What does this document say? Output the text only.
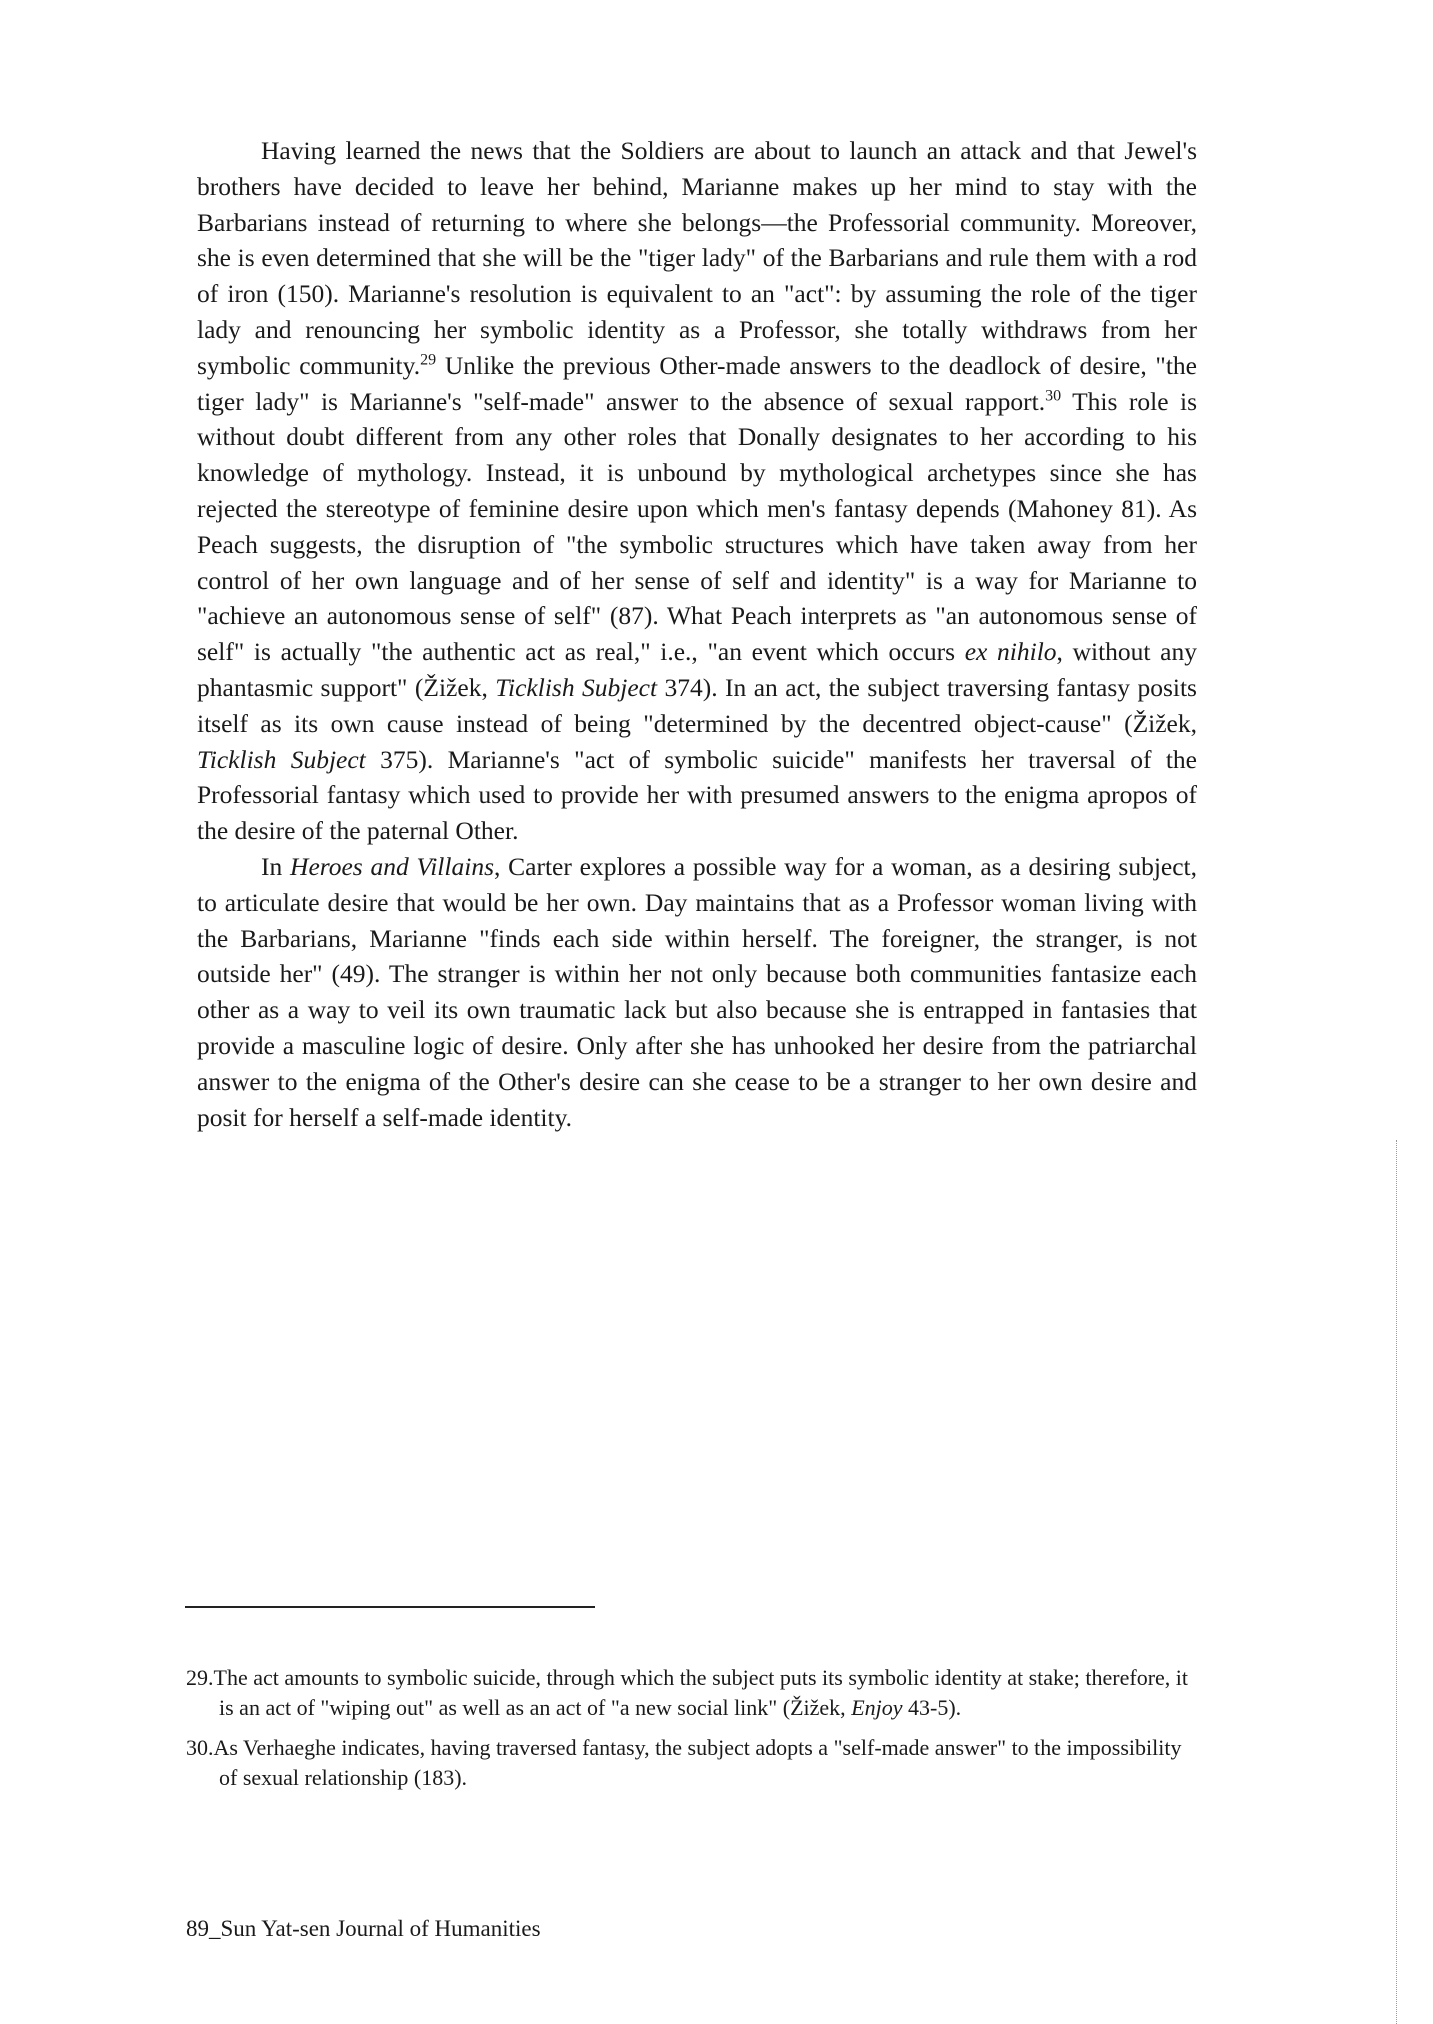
Having learned the news that the Soldiers are about to launch an attack and that Jewel's brothers have decided to leave her behind, Marianne makes up her mind to stay with the Barbarians instead of returning to where she belongs—the Professorial community. Moreover, she is even determined that she will be the "tiger lady" of the Barbarians and rule them with a rod of iron (150). Marianne's resolution is equivalent to an "act": by assuming the role of the tiger lady and renouncing her symbolic identity as a Professor, she totally withdraws from her symbolic community.$^{29}$ Unlike the previous Other-made answers to the deadlock of desire, "the tiger lady" is Marianne's "self-made" answer to the absence of sexual rapport.$^{30}$ This role is without doubt different from any other roles that Donally designates to her according to his knowledge of mythology. Instead, it is unbound by mythological archetypes since she has rejected the stereotype of feminine desire upon which men's fantasy depends (Mahoney 81). As Peach suggests, the disruption of "the symbolic structures which have taken away from her control of her own language and of her sense of self and identity" is a way for Marianne to "achieve an autonomous sense of self" (87). What Peach interprets as "an autonomous sense of self" is actually "the authentic act as real," i.e., "an event which occurs ex nihilo, without any phantasmic support" (Žižek, Ticklish Subject 374). In an act, the subject traversing fantasy posits itself as its own cause instead of being "determined by the decentred object-cause" (Žižek, Ticklish Subject 375). Marianne's "act of symbolic suicide" manifests her traversal of the Professorial fantasy which used to provide her with presumed answers to the enigma apropos of the desire of the paternal Other.

In Heroes and Villains, Carter explores a possible way for a woman, as a desiring subject, to articulate desire that would be her own. Day maintains that as a Professor woman living with the Barbarians, Marianne "finds each side within herself. The foreigner, the stranger, is not outside her" (49). The stranger is within her not only because both communities fantasize each other as a way to veil its own traumatic lack but also because she is entrapped in fantasies that provide a masculine logic of desire. Only after she has unhooked her desire from the patriarchal answer to the enigma of the Other's desire can she cease to be a stranger to her own desire and posit for herself a self-made identity.

29.The act amounts to symbolic suicide, through which the subject puts its symbolic identity at stake; therefore, it is an act of "wiping out" as well as an act of "a new social link" (Žižek, Enjoy 43-5).

30.As Verhaeghe indicates, having traversed fantasy, the subject adopts a "self-made answer" to the impossibility of sexual relationship (183).

89_Sun Yat-sen Journal of Humanities
